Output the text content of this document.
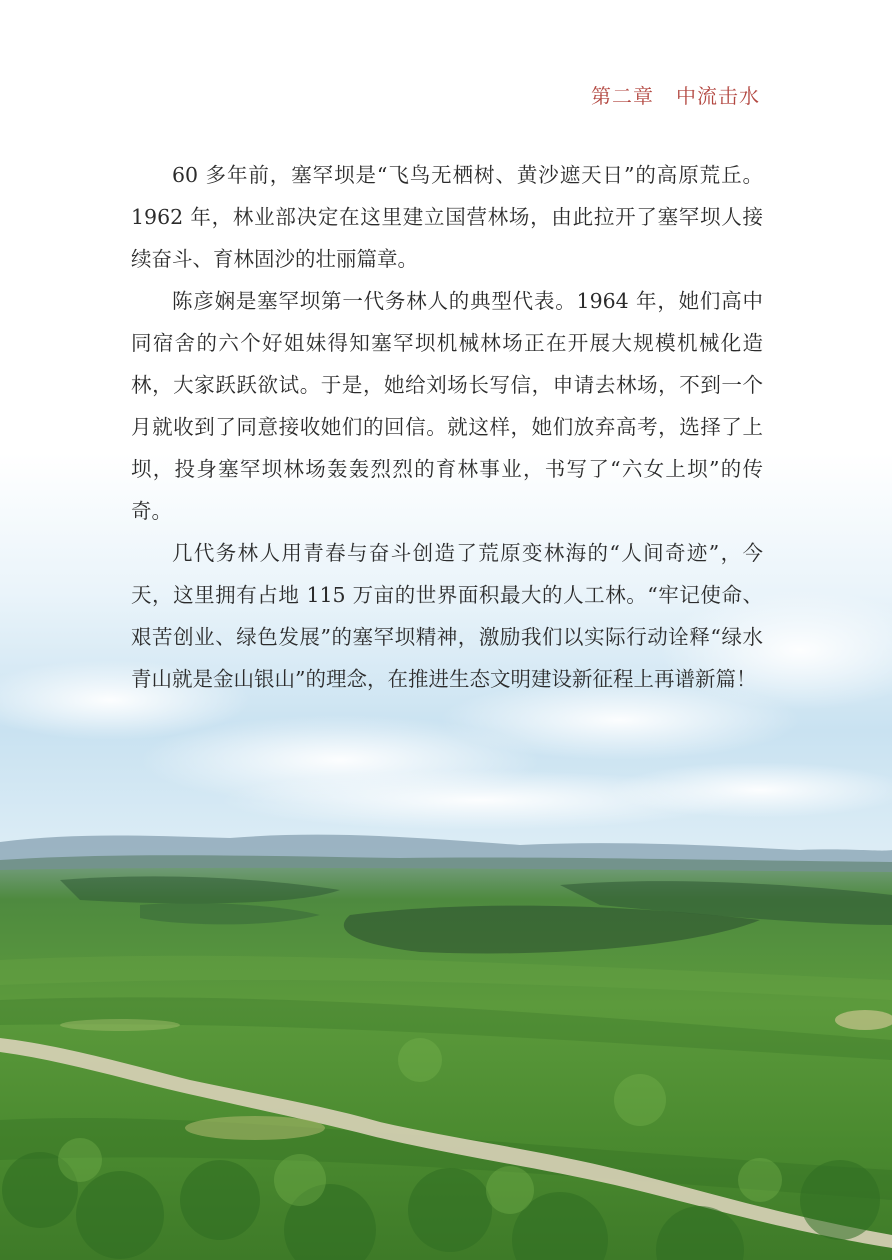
第二章 中流击水

60 多年前，塞罕坝是“飞鸟无栖树、黄沙遮天日”的高原荒丘。1962 年，林业部决定在这里建立国营林场，由此拉开了塞罕坝人接续奋斗、育林固沙的壮丽篇章。

陈彦娴是塞罕坝第一代务林人的典型代表。1964 年，她们高中同宿舍的六个好姐妹得知塞罕坝机械林场正在开展大规模机械化造林，大家跃跃欲试。于是，她给刘场长写信，申请去林场，不到一个月就收到了同意接收她们的回信。就这样，她们放弃高考，选择了上坝，投身塞罕坝林场轰轰烈烈的育林事业，书写了“六女上坝”的传奇。

几代务林人用青春与奋斗创造了荒原变林海的“人间奇迹”，今天，这里拥有占地 115 万亩的世界面积最大的人工林。“牢记使命、艰苦创业、绿色发展”的塞罕坝精神，激励我们以实际行动诠释“绿水青山就是金山银山”的理念，在推进生态文明建设新征程上再谱新篇！
